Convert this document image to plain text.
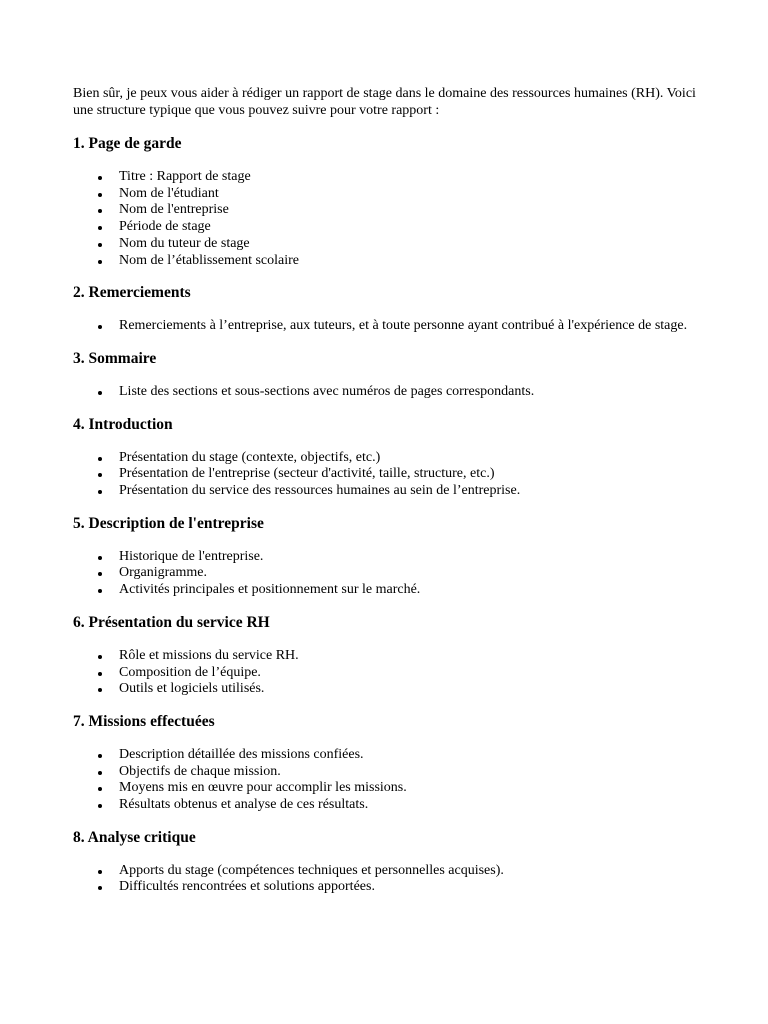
Bien sûr, je peux vous aider à rédiger un rapport de stage dans le domaine des ressources humaines (RH). Voici une structure typique que vous pouvez suivre pour votre rapport :

1. Page de garde
Titre : Rapport de stage
Nom de l'étudiant
Nom de l'entreprise
Période de stage
Nom du tuteur de stage
Nom de l’établissement scolaire
2. Remerciements
Remerciements à l’entreprise, aux tuteurs, et à toute personne ayant contribué à l'expérience de stage.
3. Sommaire
Liste des sections et sous-sections avec numéros de pages correspondants.
4. Introduction
Présentation du stage (contexte, objectifs, etc.)
Présentation de l'entreprise (secteur d'activité, taille, structure, etc.)
Présentation du service des ressources humaines au sein de l’entreprise.
5. Description de l'entreprise
Historique de l'entreprise.
Organigramme.
Activités principales et positionnement sur le marché.
6. Présentation du service RH
Rôle et missions du service RH.
Composition de l’équipe.
Outils et logiciels utilisés.
7. Missions effectuées
Description détaillée des missions confiées.
Objectifs de chaque mission.
Moyens mis en œuvre pour accomplir les missions.
Résultats obtenus et analyse de ces résultats.
8. Analyse critique
Apports du stage (compétences techniques et personnelles acquises).
Difficultés rencontrées et solutions apportées.
